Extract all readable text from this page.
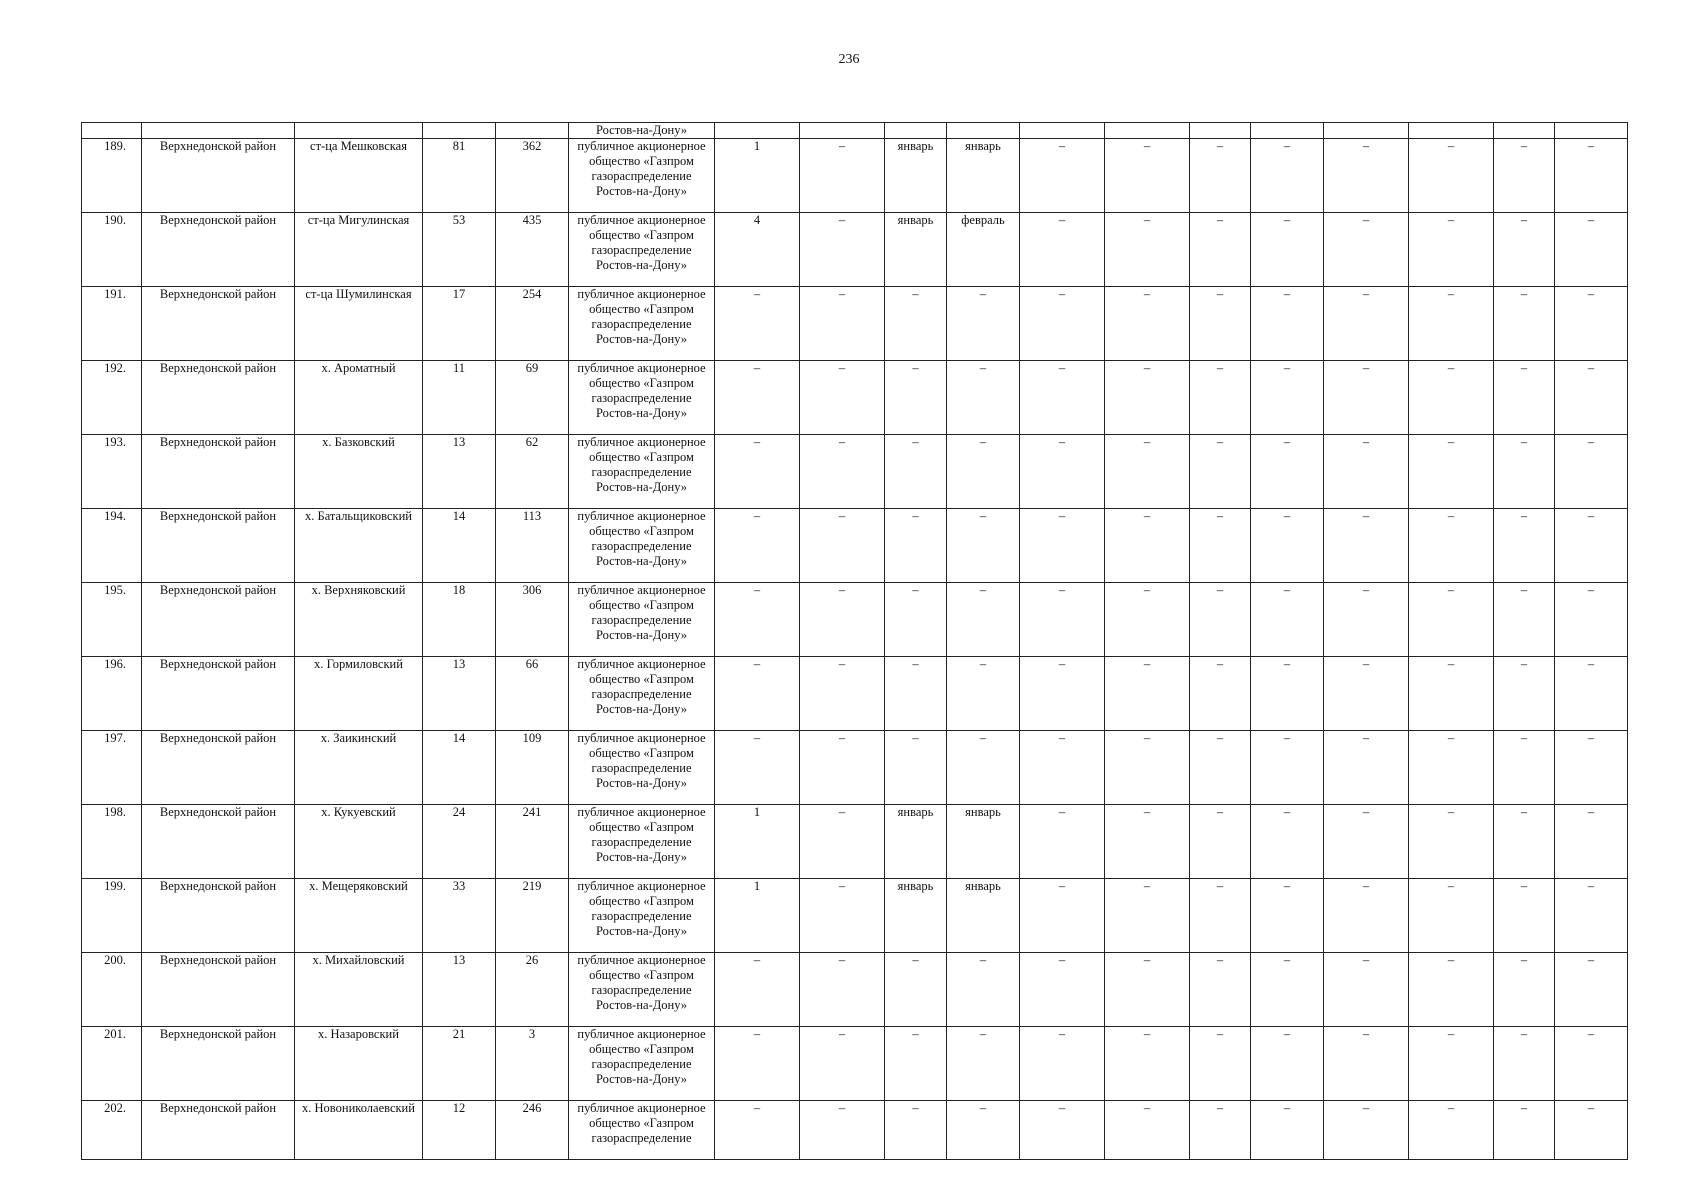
236
					Ростов-на-Дону»												
189.	Верхнедонской район	ст-ца Мешковская	81	362	публичное акционерное общество «Газпром газораспределение Ростов-на-Дону»	1	–	январь	январь	–	–	–	–	–	–	–	–
190.	Верхнедонской район	ст-ца Мигулинская	53	435	публичное акционерное общество «Газпром газораспределение Ростов-на-Дону»	4	–	январь	февраль	–	–	–	–	–	–	–	–
191.	Верхнедонской район	ст-ца Шумилинская	17	254	публичное акционерное общество «Газпром газораспределение Ростов-на-Дону»	–	–	–	–	–	–	–	–	–	–	–	–
192.	Верхнедонской район	х. Ароматный	11	69	публичное акционерное общество «Газпром газораспределение Ростов-на-Дону»	–	–	–	–	–	–	–	–	–	–	–	–
193.	Верхнедонской район	х. Базковский	13	62	публичное акционерное общество «Газпром газораспределение Ростов-на-Дону»	–	–	–	–	–	–	–	–	–	–	–	–
194.	Верхнедонской район	х. Батальщиковский	14	113	публичное акционерное общество «Газпром газораспределение Ростов-на-Дону»	–	–	–	–	–	–	–	–	–	–	–	–
195.	Верхнедонской район	х. Верхняковский	18	306	публичное акционерное общество «Газпром газораспределение Ростов-на-Дону»	–	–	–	–	–	–	–	–	–	–	–	–
196.	Верхнедонской район	х. Гормиловский	13	66	публичное акционерное общество «Газпром газораспределение Ростов-на-Дону»	–	–	–	–	–	–	–	–	–	–	–	–
197.	Верхнедонской район	х. Заикинский	14	109	публичное акционерное общество «Газпром газораспределение Ростов-на-Дону»	–	–	–	–	–	–	–	–	–	–	–	–
198.	Верхнедонской район	х. Кукуевский	24	241	публичное акционерное общество «Газпром газораспределение Ростов-на-Дону»	1	–	январь	январь	–	–	–	–	–	–	–	–
199.	Верхнедонской район	х. Мещеряковский	33	219	публичное акционерное общество «Газпром газораспределение Ростов-на-Дону»	1	–	январь	январь	–	–	–	–	–	–	–	–
200.	Верхнедонской район	х. Михайловский	13	26	публичное акционерное общество «Газпром газораспределение Ростов-на-Дону»	–	–	–	–	–	–	–	–	–	–	–	–
201.	Верхнедонской район	х. Назаровский	21	3	публичное акционерное общество «Газпром газораспределение Ростов-на-Дону»	–	–	–	–	–	–	–	–	–	–	–	–
202.	Верхнедонской район	х. Новониколаевский	12	246	публичное акционерное общество «Газпром газораспределение	–	–	–	–	–	–	–	–	–	–	–	–
